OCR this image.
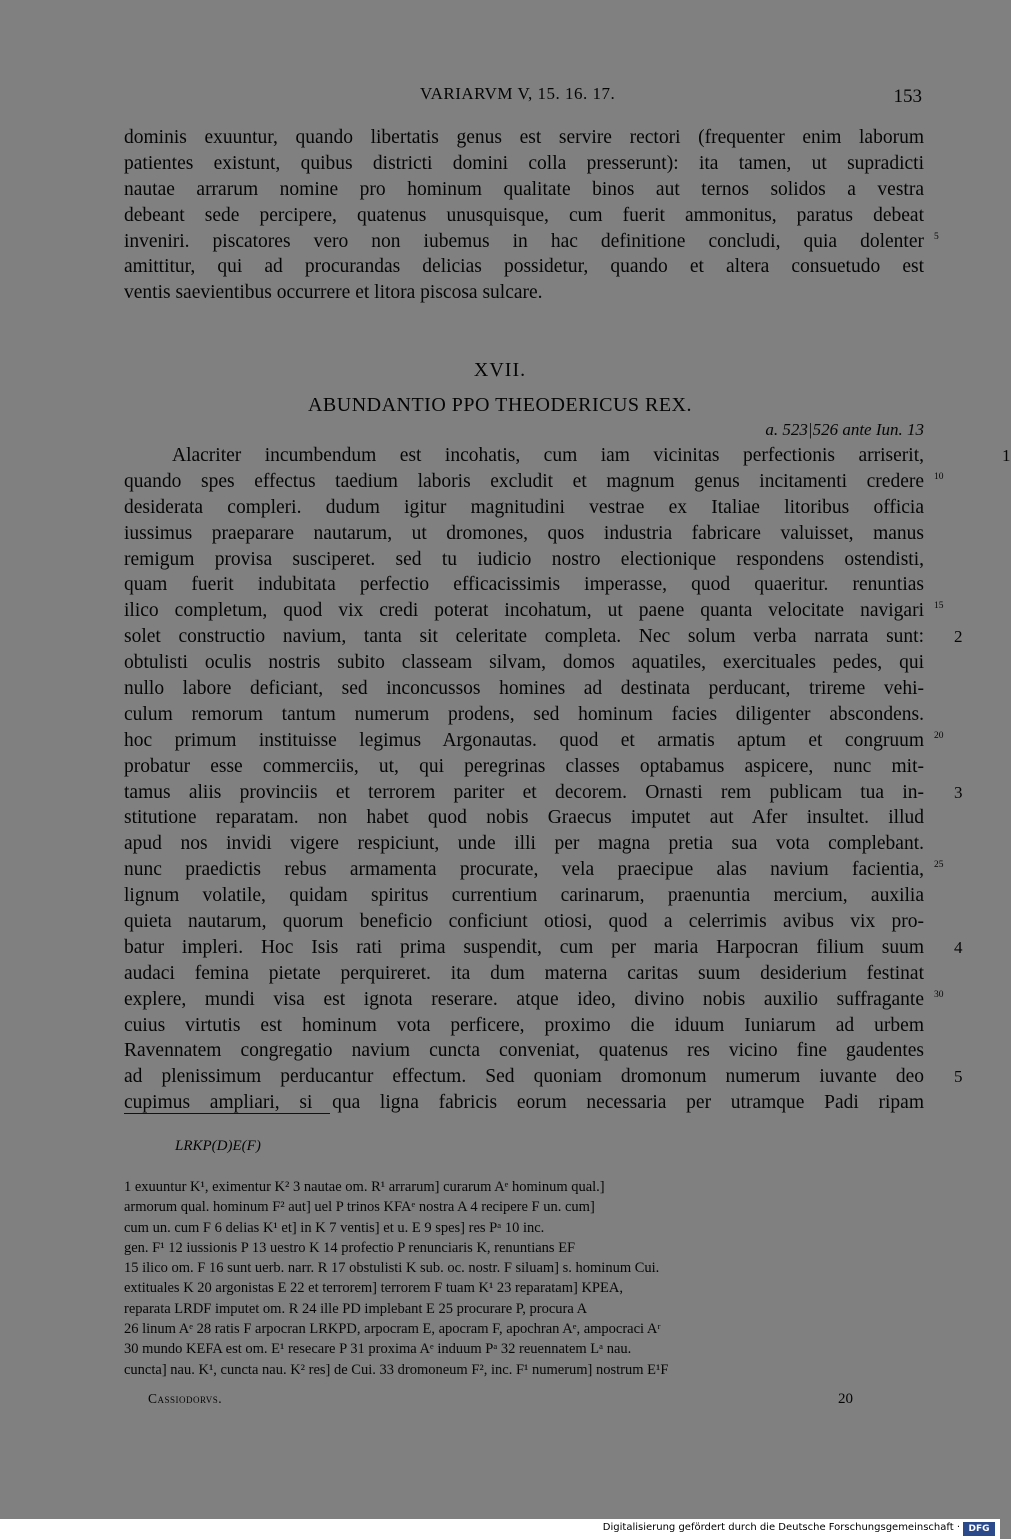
VARIARVM V, 15. 16. 17.	153
dominis exuuntur, quando libertatis genus est servire rectori (frequenter enim laborum
patientes existunt, quibus districti domini colla presserunt): ita tamen, ut supradicti
nautae arrarum nomine pro hominum qualitate binos aut ternos solidos a vestra
debeant sede percipere, quatenus unusquisque, cum fuerit ammonitus, paratus debeat
inveniri. piscatores vero non iubemus in hac definitione concludi, quia dolenter 5
amittitur, qui ad procurandas delicias possidetur, quando et altera consuetudo est
ventis saevientibus occurrere et litora piscosa sulcare.
XVII.
ABUNDANTIO PPO THEODERICUS REX.
a. 523|526 ante Iun. 13
Alacriter incumbendum est incohatis, cum iam vicinitas perfectionis arriserit,	1
quando spes effectus taedium laboris excludit et magnum genus incitamenti credere 10
desiderata compleri. dudum igitur magnitudini vestrae ex Italiae litoribus officia
iussimus praeparare nautarum, ut dromones, quos industria fabricare valuisset, manus
remigum provisa susciperet. sed tu iudicio nostro electionique respondens ostendisti,
quam fuerit indubitata perfectio efficacissimis imperasse, quod quaeritur. renuntias
ilico completum, quod vix credi poterat incohatum, ut paene quanta velocitate navigari 15
solet constructio navium, tanta sit celeritate completa. Nec solum verba narrata sunt: 2
obtulisti oculis nostris subito classeam silvam, domos aquatiles, exercituales pedes, qui
nullo labore deficiant, sed inconcussos homines ad destinata perducant, trireme vehi-
culum remorum tantum numerum prodens, sed hominum facies diligenter abscondens.
hoc primum instituisse legimus Argonautas. quod et armatis aptum et congruum 20
probatur esse commerciis, ut, qui peregrinas classes optabamus aspicere, nunc mit-
tamus aliis provinciis et terrorem pariter et decorem. Ornasti rem publicam tua in- 3
stitutione reparatam. non habet quod nobis Graecus imputet aut Afer insultet. illud
apud nos invidi vigere respiciunt, unde illi per magna pretia sua vota complebant.
nunc praedictis rebus armamenta procurate, vela praecipue alas navium facientia, 25
lignum volatile, quidam spiritus currentium carinarum, praenuntia mercium, auxilia
quieta nautarum, quorum beneficio conficiunt otiosi, quod a celerrimis avibus vix pro-
batur impleri. Hoc Isis rati prima suspendit, cum per maria Harpocran filium suum 4
audaci femina pietate perquireret. ita dum materna caritas suum desiderium festinat
explere, mundi visa est ignota reserare. atque ideo, divino nobis auxilio suffragante 30
cuius virtutis est hominum vota perficere, proximo die iduum Iuniarum ad urbem
Ravennatem congregatio navium cuncta conveniat, quatenus res vicino fine gaudentes
ad plenissimum perducantur effectum. Sed quoniam dromonum numerum iuvante deo 5
cupimus ampliari, si qua ligna fabricis eorum necessaria per utramque Padi ripam
LRKP(D)E(F)
1 exuuntur K¹, eximentur K² 3 nautae om. R¹ arrarum] curarum Aᵉ hominum qual.]
armorum qual. hominum F² aut] uel P trinos KFAᵉ nostra A 4 recipere F un. cum]
cum un. cum F 6 delias K¹ et] in K 7 ventis] et u. E 9 spes] res Pᵃ 10 inc.
gen. F¹ 12 iussionis P 13 uestro K 14 profectio P renunciaris K, renuntians EF
15 ilico om. F 16 sunt uerb. narr. R 17 obstulisti K sub. oc. nostr. F siluam] s. hominum Cui.
extituales K 20 argonistas E 22 et terrorem] terrorem F tuam K¹ 23 reparatam] KPEA,
reparata LRDF imputet om. R 24 ille PD implebant E 25 procurare P, procura A
26 linum Aᵉ 28 ratis F arpocran LRKPD, arpocram E, apocram F, apochran Aᵉ, ampocraci Aʳ
30 mundo KEFA est om. E¹ resecare P 31 proxima Aᵉ induum Pᵃ 32 reuennatem Lᵃ nau.
cuncta] nau. K¹, cuncta nau. K² res] de Cui. 33 dromoneum F², inc. F¹ numerum] nostrum E¹F
Cassiodorvs.	20
Digitalisierung gefördert durch die Deutsche Forschungsgemeinschaft · DFG
